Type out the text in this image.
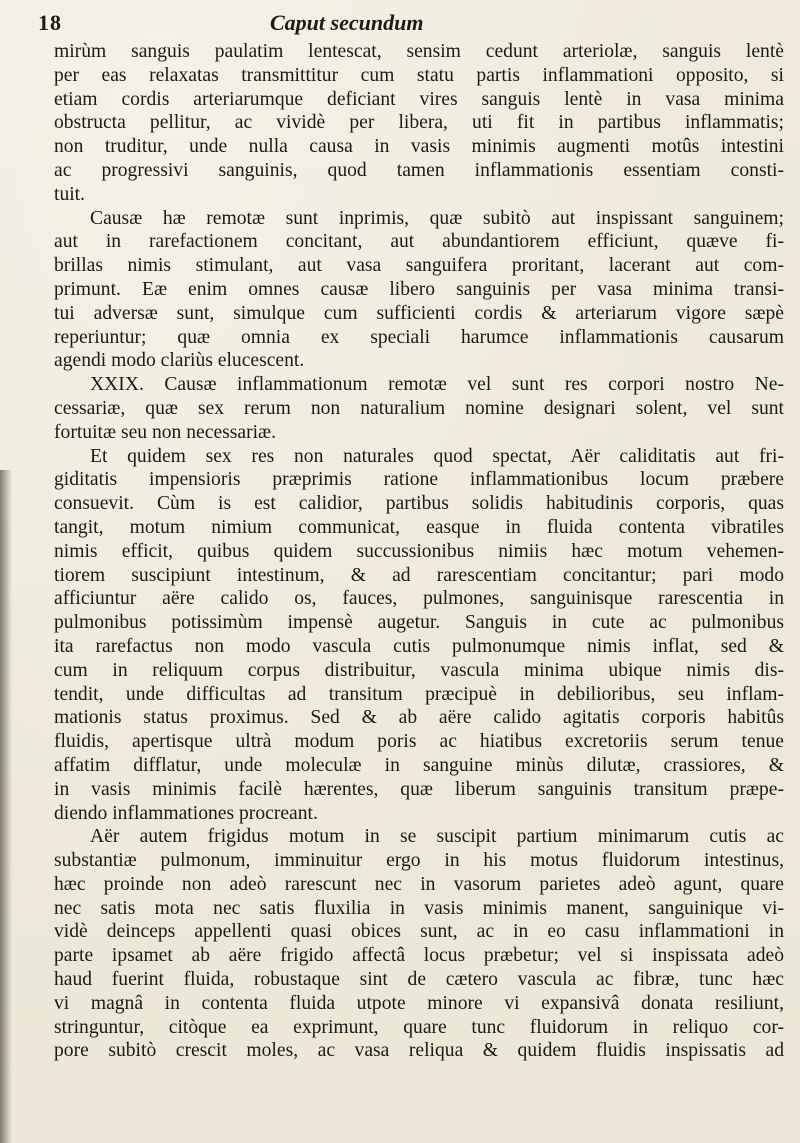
18	Caput secundum
mirùm sanguis paulatim lentescat, sensim cedunt arteriolæ, sanguis lentè
per eas relaxatas transmittitur cum statu partis inflammationi opposito, si
etiam cordis arteriarumque deficiant vires sanguis lentè in vasa minima
obstructa pellitur, ac vividè per libera, uti fit in partibus inflammatis;
non truditur, unde nulla causa in vasis minimis augmenti motûs intestini
ac progressivi sanguinis, quod tamen inflammationis essentiam consti-
tuit.
Causæ hæ remotæ sunt inprimis, quæ subitò aut inspissant sanguinem;
aut in rarefactionem concitant, aut abundantiorem efficiunt, quæve fi-
brillas nimis stimulant, aut vasa sanguifera proritant, lacerant aut com-
primunt. Eæ enim omnes causæ libero sanguinis per vasa minima transi-
tui adversæ sunt, simulque cum sufficienti cordis & arteriarum vigore sæpè
reperiuntur; quæ omnia ex speciali harumce inflammationis causarum
agendi modo clariùs elucescent.
XXIX. Causæ inflammationum remotæ vel sunt res corpori nostro Ne-
cessariæ, quæ sex rerum non naturalium nomine designari solent, vel sunt
fortuitæ seu non necessariæ.
Et quidem sex res non naturales quod spectat, Aër caliditatis aut fri-
giditatis impensioris præprimis ratione inflammationibus locum præbere
consuevit. Cùm is est calidior, partibus solidis habitudinis corporis, quas
tangit, motum nimium communicat, easque in fluida contenta vibratiles
nimis efficit, quibus quidem succussionibus nimiis hæc motum vehemen-
tiorem suscipiunt intestinum, & ad rarescentiam concitantur; pari modo
afficiuntur aëre calido os, fauces, pulmones, sanguinisque rarescentia in
pulmonibus potissimùm impensè augetur. Sanguis in cute ac pulmonibus
ita rarefactus non modo vascula cutis pulmonumque nimis inflat, sed &
cum in reliquum corpus distribuitur, vascula minima ubique nimis dis-
tendit, unde difficultas ad transitum præcipuè in debilioribus, seu inflam-
mationis status proximus. Sed & ab aëre calido agitatis corporis habitûs
fluidis, apertisque ultrà modum poris ac hiatibus excretoriis serum tenue
affatim difflatur, unde moleculæ in sanguine minùs dilutæ, crassiores, &
in vasis minimis facilè hærentes, quæ liberum sanguinis transitum præpe-
diendo inflammationes procreant.
Aër autem frigidus motum in se suscipit partium minimarum cutis ac
substantiæ pulmonum, imminuitur ergo in his motus fluidorum intestinus,
hæc proinde non adeò rarescunt nec in vasorum parietes adeò agunt, quare
nec satis mota nec satis fluxilia in vasis minimis manent, sanguinique vi-
vidè deinceps appellenti quasi obices sunt, ac in eo casu inflammationi in
parte ipsamet ab aëre frigido affectâ locus præbetur; vel si inspissata adeò
haud fuerint fluida, robustaque sint de cætero vascula ac fibræ, tunc hæc
vi magnâ in contenta fluida utpote minore vi expansivâ donata resiliunt,
stringuntur, citòque ea exprimunt, quare tunc fluidorum in reliquo cor-
pore subitò crescit moles, ac vasa reliqua & quidem fluidis inspissatis ad
